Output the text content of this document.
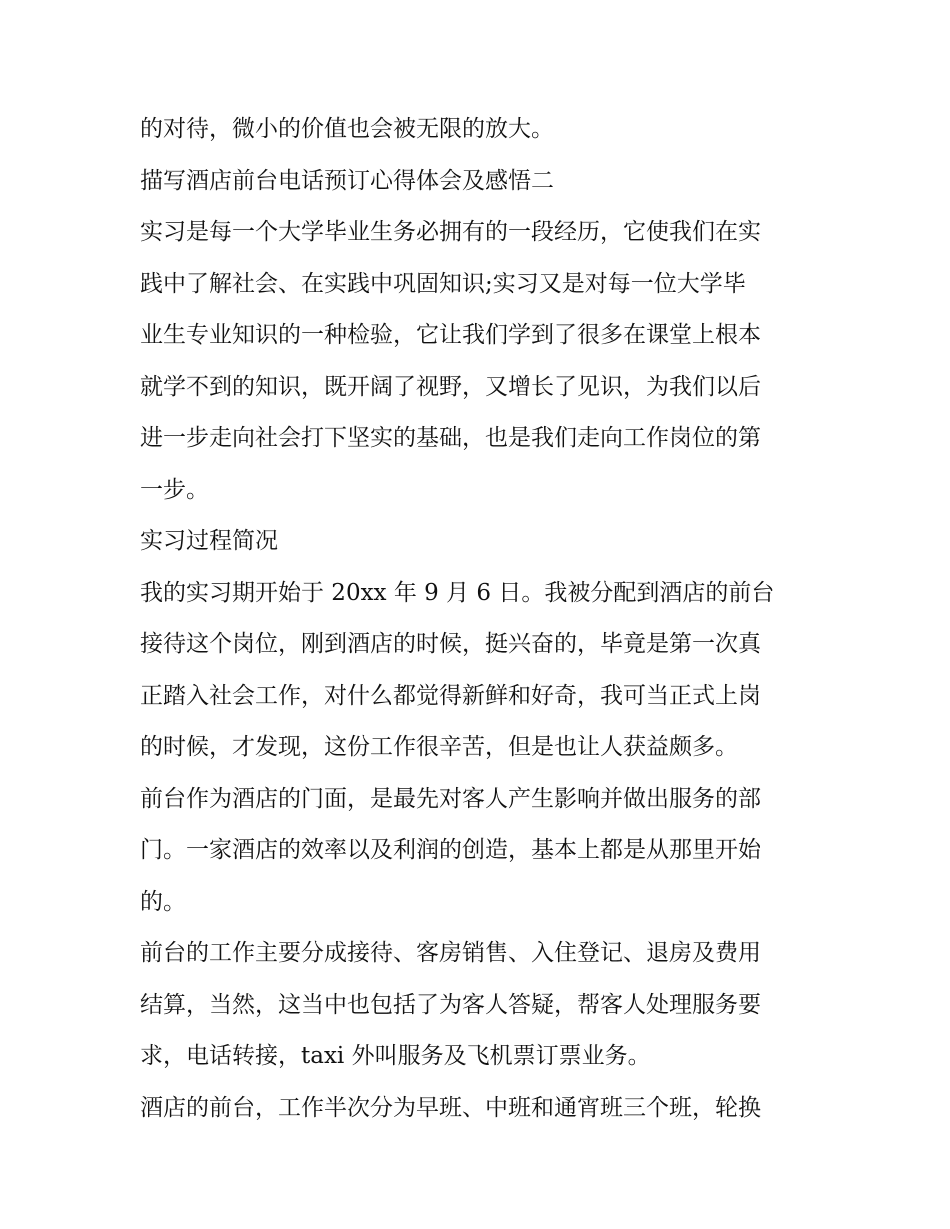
的对待，微小的价值也会被无限的放大。
描写酒店前台电话预订心得体会及感悟二
实习是每一个大学毕业生务必拥有的一段经历，它使我们在实
践中了解社会、在实践中巩固知识;实习又是对每一位大学毕
业生专业知识的一种检验，它让我们学到了很多在课堂上根本
就学不到的知识，既开阔了视野，又增长了见识，为我们以后
进一步走向社会打下坚实的基础，也是我们走向工作岗位的第
一步。
实习过程简况
我的实习期开始于 20xx 年 9 月 6 日。我被分配到酒店的前台
接待这个岗位，刚到酒店的时候，挺兴奋的，毕竟是第一次真
正踏入社会工作，对什么都觉得新鲜和好奇，我可当正式上岗
的时候，才发现，这份工作很辛苦，但是也让人获益颇多。
前台作为酒店的门面，是最先对客人产生影响并做出服务的部
门。一家酒店的效率以及利润的创造，基本上都是从那里开始
的。
前台的工作主要分成接待、客房销售、入住登记、退房及费用
结算，当然，这当中也包括了为客人答疑，帮客人处理服务要
求，电话转接，taxi 外叫服务及飞机票订票业务。
酒店的前台，工作半次分为早班、中班和通宵班三个班，轮换
